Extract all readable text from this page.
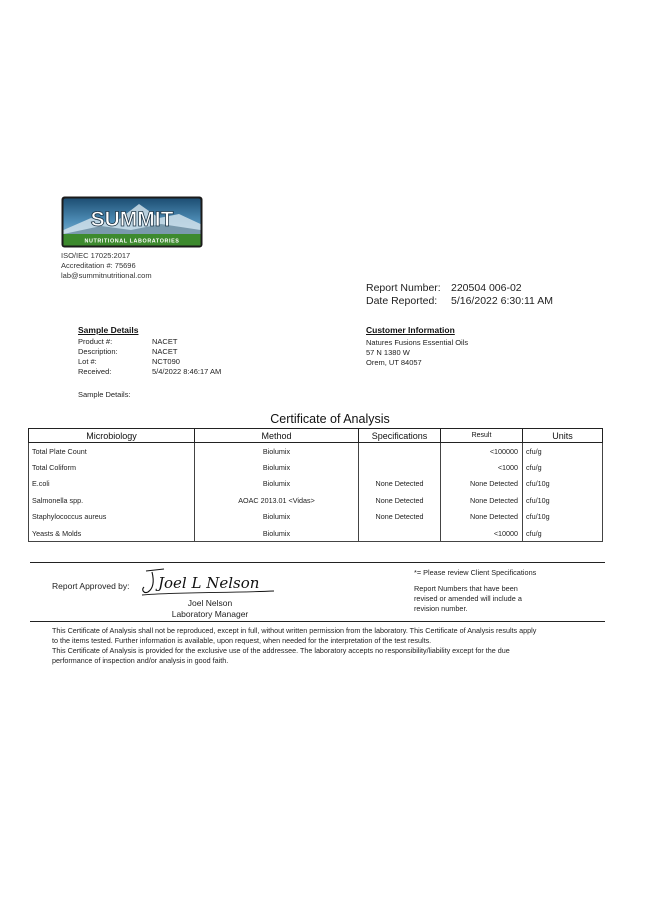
SUMMIT
NUTRITIONAL LABORATORIES
ISO/IEC 17025:2017
Accreditation #: 75696
lab@summitnutritional.com
Report Number: 220504 006-02
Date Reported: 5/16/2022 6:30:11 AM
Sample Details
Product #:	NACET
Description:	NACET
Lot #:	NCT090
Received:	5/4/2022 8:46:17 AM
Sample Details:
Customer Information
Natures Fusions Essential Oils
57 N 1380 W
Orem, UT 84057
Certificate of Analysis
Microbiology	Method	Specifications	Result	Units
Total Plate Count	Biolumix		<100000	cfu/g
Total Coliform	Biolumix		<1000	cfu/g
E.coli	Biolumix	None Detected	None Detected	cfu/10g
Salmonella spp.	AOAC 2013.01 <Vidas>	None Detected	None Detected	cfu/10g
Staphylococcus aureus	Biolumix	None Detected	None Detected	cfu/10g
Yeasts & Molds	Biolumix		<10000	cfu/g
Report Approved by: Joel L Nelson
Joel Nelson
Laboratory Manager
*= Please review Client Specifications
Report Numbers that have been
revised or amended will include a
revision number.
This Certificate of Analysis shall not be reproduced, except in full, without written permission from the laboratory. This Certificate of Analysis results apply
to the items tested. Further information is available, upon request, when needed for the interpretation of the test results.
This Certificate of Analysis is provided for the exclusive use of the addressee. The laboratory accepts no responsibility/liability except for the due
performance of inspection and/or analysis in good faith.
